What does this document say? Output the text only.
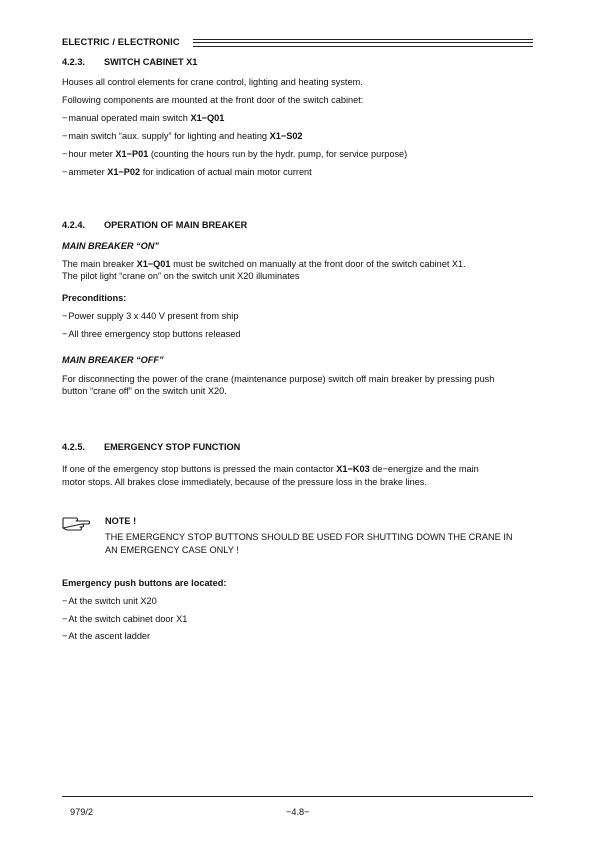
ELECTRIC / ELECTRONIC
4.2.3. SWITCH CABINET X1
Houses all control elements for crane control, lighting and heating system.
Following components are mounted at the front door of the switch cabinet:
−manual operated main switch X1−Q01
−main switch “aux. supply” for lighting and heating X1−S02
−hour meter X1−P01 (counting the hours run by the hydr. pump, for service purpose)
−ammeter X1−P02 for indication of actual main motor current
4.2.4. OPERATION OF MAIN BREAKER
MAIN BREAKER “ON”
The main breaker X1−Q01 must be switched on manually at the front door of the switch cabinet X1.
The pilot light “crane on” on the switch unit X20 illuminates
Preconditions:
−Power supply 3 x 440 V present from ship
−All three emergency stop buttons released
MAIN BREAKER “OFF”
For disconnecting the power of the crane (maintenance purpose) switch off main breaker by pressing push
button “crane off” on the switch unit X20.
4.2.5. EMERGENCY STOP FUNCTION
If one of the emergency stop buttons is pressed the main contactor X1−K03 de−energize and the main
motor stops. All brakes close immediately, because of the pressure loss in the brake lines.
NOTE !
THE EMERGENCY STOP BUTTONS SHOULD BE USED FOR SHUTTING DOWN THE CRANE IN
AN EMERGENCY CASE ONLY !
Emergency push buttons are located:
−At the switch unit X20
−At the switch cabinet door X1
−At the ascent ladder
979/2	−4.8−
